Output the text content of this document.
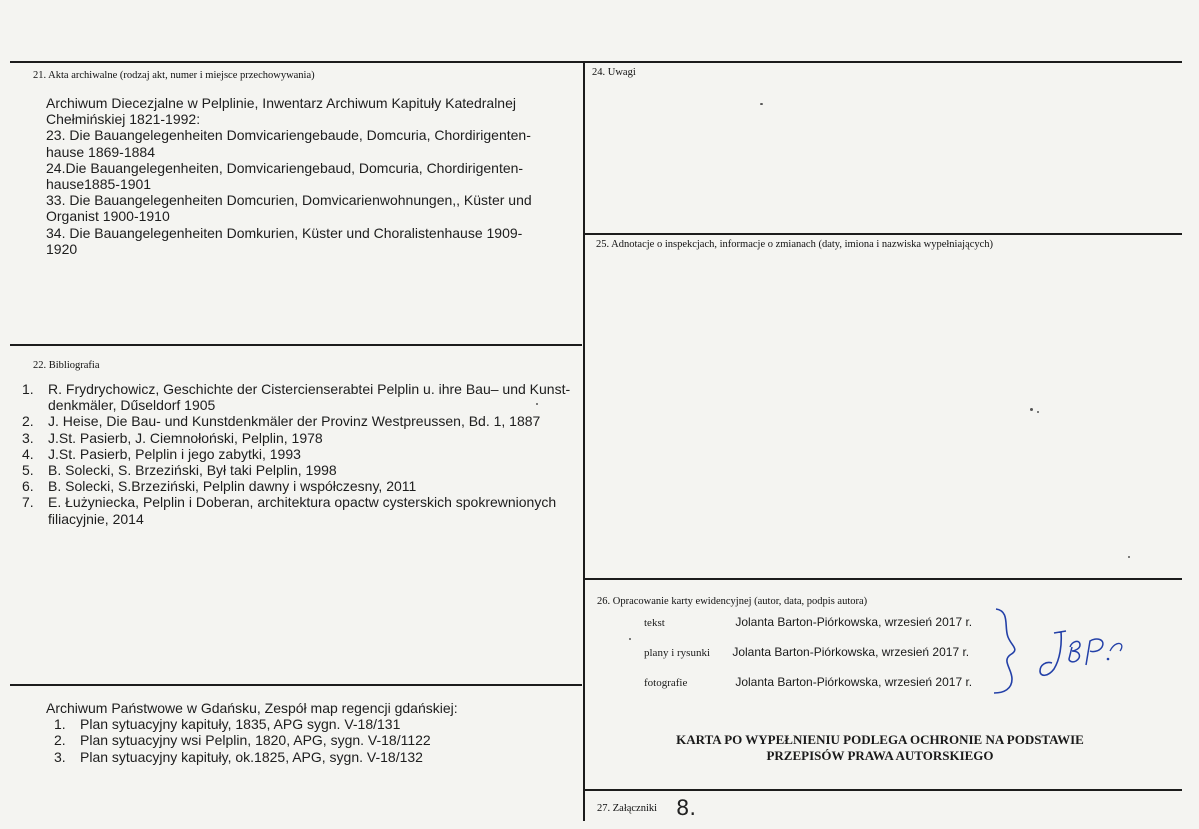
21. Akta archiwalne (rodzaj akt, numer i miejsce przechowywania)
Archiwum Diecezjalne w Pelplinie, Inwentarz Archiwum Kapituły Katedralnej
Chełmińskiej 1821-1992:
23. Die Bauangelegenheiten Domvicariengebaude, Domcuria, Chordirigenten-
hause 1869-1884
24.Die Bauangelegenheiten, Domvicariengebaud, Domcuria, Chordirigenten-
hause1885-1901
33. Die Bauangelegenheiten Domcurien, Domvicarienwohnungen,, Küster und
Organist 1900-1910
34. Die Bauangelegenheiten Domkurien, Küster und Choralistenhause 1909-
1920
22. Bibliografia
1. R. Frydrychowicz, Geschichte der Cistercienserabtei Pelplin u. ihre Bau– und Kunst-
denkmäler, Dűseldorf 1905
2. J. Heise, Die Bau- und Kunstdenkmäler der Provinz Westpreussen, Bd. 1, 1887
3. J.St. Pasierb, J. Ciemnołoński, Pelplin, 1978
4. J.St. Pasierb, Pelplin i jego zabytki, 1993
5. B. Solecki, S. Brzeziński, Był taki Pelplin, 1998
6. B. Solecki, S.Brzeziński, Pelplin dawny i współczesny, 2011
7. E. Łużyniecka, Pelplin i Doberan, architektura opactw cysterskich spokrewnionych
filiacyjnie, 2014
Archiwum Państwowe w Gdańsku, Zespół map regencji gdańskiej:
1. Plan sytuacyjny kapituły, 1835, APG sygn. V-18/131
2. Plan sytuacyjny wsi Pelplin, 1820, APG, sygn. V-18/1122
3. Plan sytuacyjny kapituły, ok.1825, APG, sygn. V-18/132
24. Uwagi
25. Adnotacje o inspekcjach, informacje o zmianach (daty, imiona i nazwiska wypełniających)
26. Opracowanie karty ewidencyjnej (autor, data, podpis autora)
tekst	Jolanta Barton-Piórkowska, wrzesień 2017 r.
plany i rysunki Jolanta Barton-Piórkowska, wrzesień 2017 r.
fotografie	Jolanta Barton-Piórkowska, wrzesień 2017 r.
KARTA PO WYPEŁNIENIU PODLEGA OCHRONIE NA PODSTAWIE
PRZEPISÓW PRAWA AUTORSKIEGO
27. Załączniki 8.
